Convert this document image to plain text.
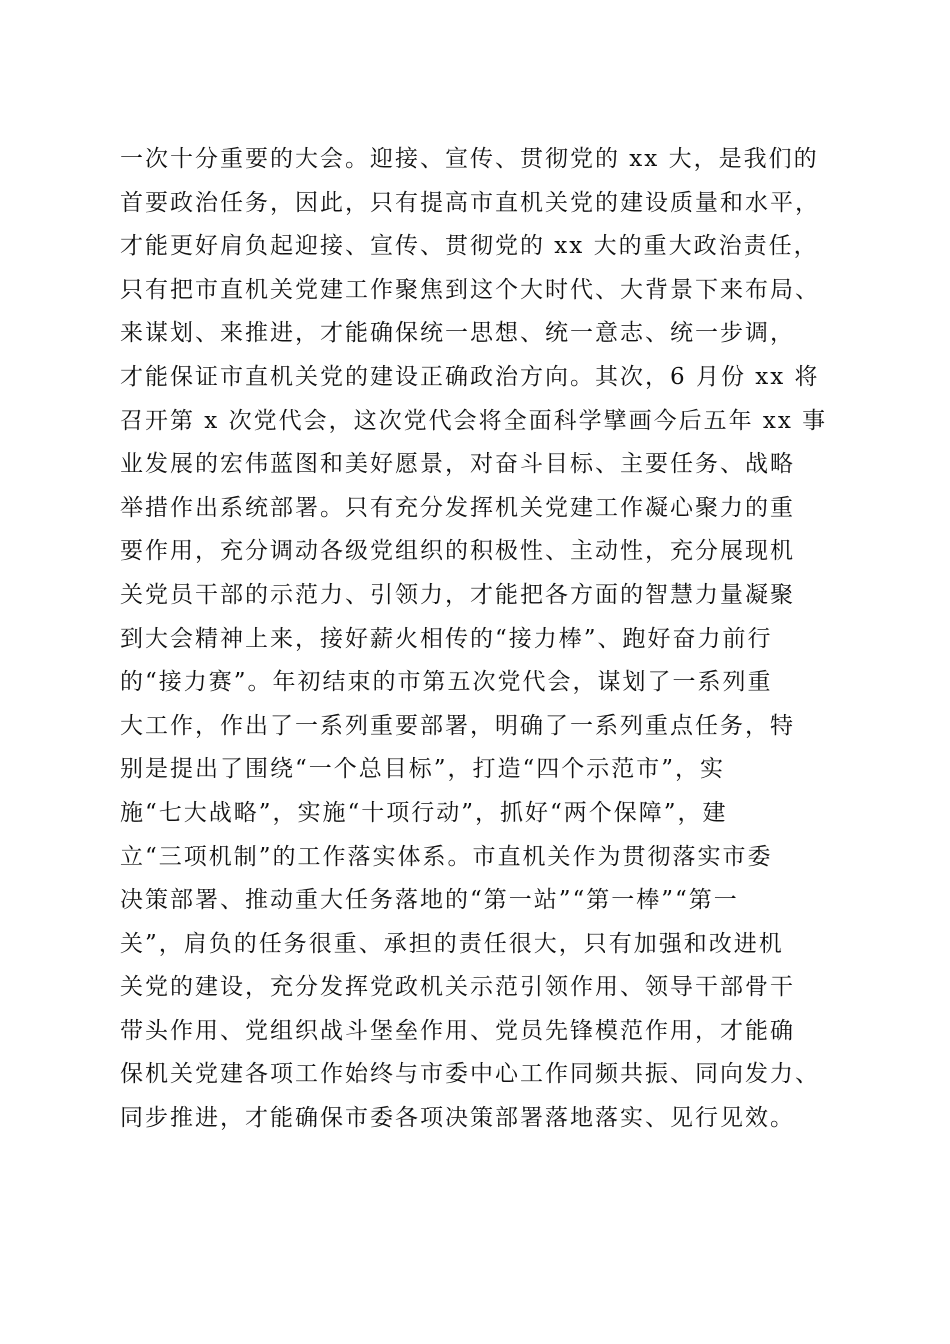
一次十分重要的大会。迎接、宣传、贯彻党的 xx 大，是我们的
首要政治任务，因此，只有提高市直机关党的建设质量和水平，
才能更好肩负起迎接、宣传、贯彻党的 xx 大的重大政治责任，
只有把市直机关党建工作聚焦到这个大时代、大背景下来布局、
来谋划、来推进，才能确保统一思想、统一意志、统一步调，
才能保证市直机关党的建设正确政治方向。其次，6 月份 xx 将
召开第 x 次党代会，这次党代会将全面科学擘画今后五年 xx 事
业发展的宏伟蓝图和美好愿景，对奋斗目标、主要任务、战略
举措作出系统部署。只有充分发挥机关党建工作凝心聚力的重
要作用，充分调动各级党组织的积极性、主动性，充分展现机
关党员干部的示范力、引领力，才能把各方面的智慧力量凝聚
到大会精神上来，接好薪火相传的“接力棒”、跑好奋力前行
的“接力赛”。年初结束的市第五次党代会，谋划了一系列重
大工作，作出了一系列重要部署，明确了一系列重点任务，特
别是提出了围绕“一个总目标”，打造“四个示范市”，实
施“七大战略”，实施“十项行动”，抓好“两个保障”，建
立“三项机制”的工作落实体系。市直机关作为贯彻落实市委
决策部署、推动重大任务落地的“第一站”“第一棒”“第一
关”，肩负的任务很重、承担的责任很大，只有加强和改进机
关党的建设，充分发挥党政机关示范引领作用、领导干部骨干
带头作用、党组织战斗堡垒作用、党员先锋模范作用，才能确
保机关党建各项工作始终与市委中心工作同频共振、同向发力、
同步推进，才能确保市委各项决策部署落地落实、见行见效。
